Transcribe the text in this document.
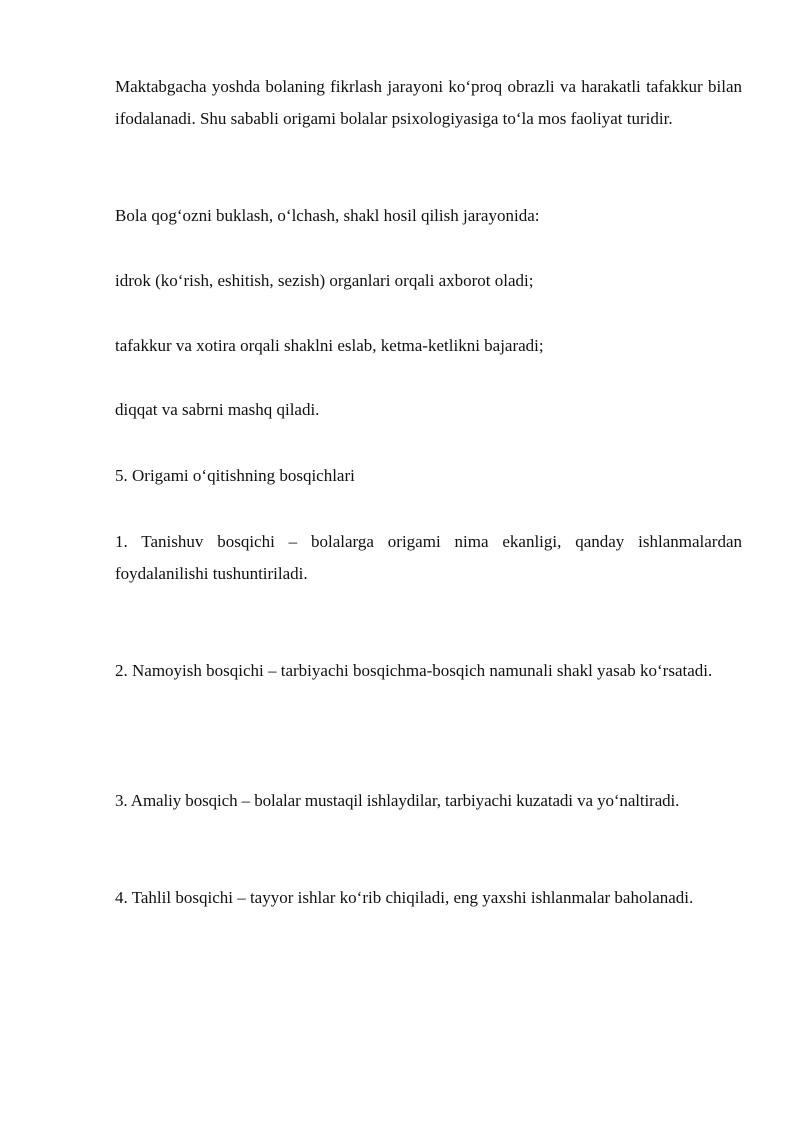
Maktabgacha yoshda bolaning fikrlash jarayoni koʻproq obrazli va harakatli tafakkur bilan ifodalanadi. Shu sababli origami bolalar psixologiyasiga toʻla mos faoliyat turidir.

Bola qogʻozni buklash, oʻlchash, shakl hosil qilish jarayonida:

idrok (koʻrish, eshitish, sezish) organlari orqali axborot oladi;

tafakkur va xotira orqali shaklni eslab, ketma-ketlikni bajaradi;

diqqat va sabrni mashq qiladi.

5. Origami oʻqitishning bosqichlari

1. Tanishuv bosqichi – bolalarga origami nima ekanligi, qanday ishlanmalardan foydalanilishi tushuntiriladi.

2. Namoyish bosqichi – tarbiyachi bosqichma-bosqich namunali shakl yasab koʻrsatadi.

3. Amaliy bosqich – bolalar mustaqil ishlaydilar, tarbiyachi kuzatadi va yoʻnaltiradi.

4. Tahlil bosqichi – tayyor ishlar koʻrib chiqiladi, eng yaxshi ishlanmalar baholanadi.
